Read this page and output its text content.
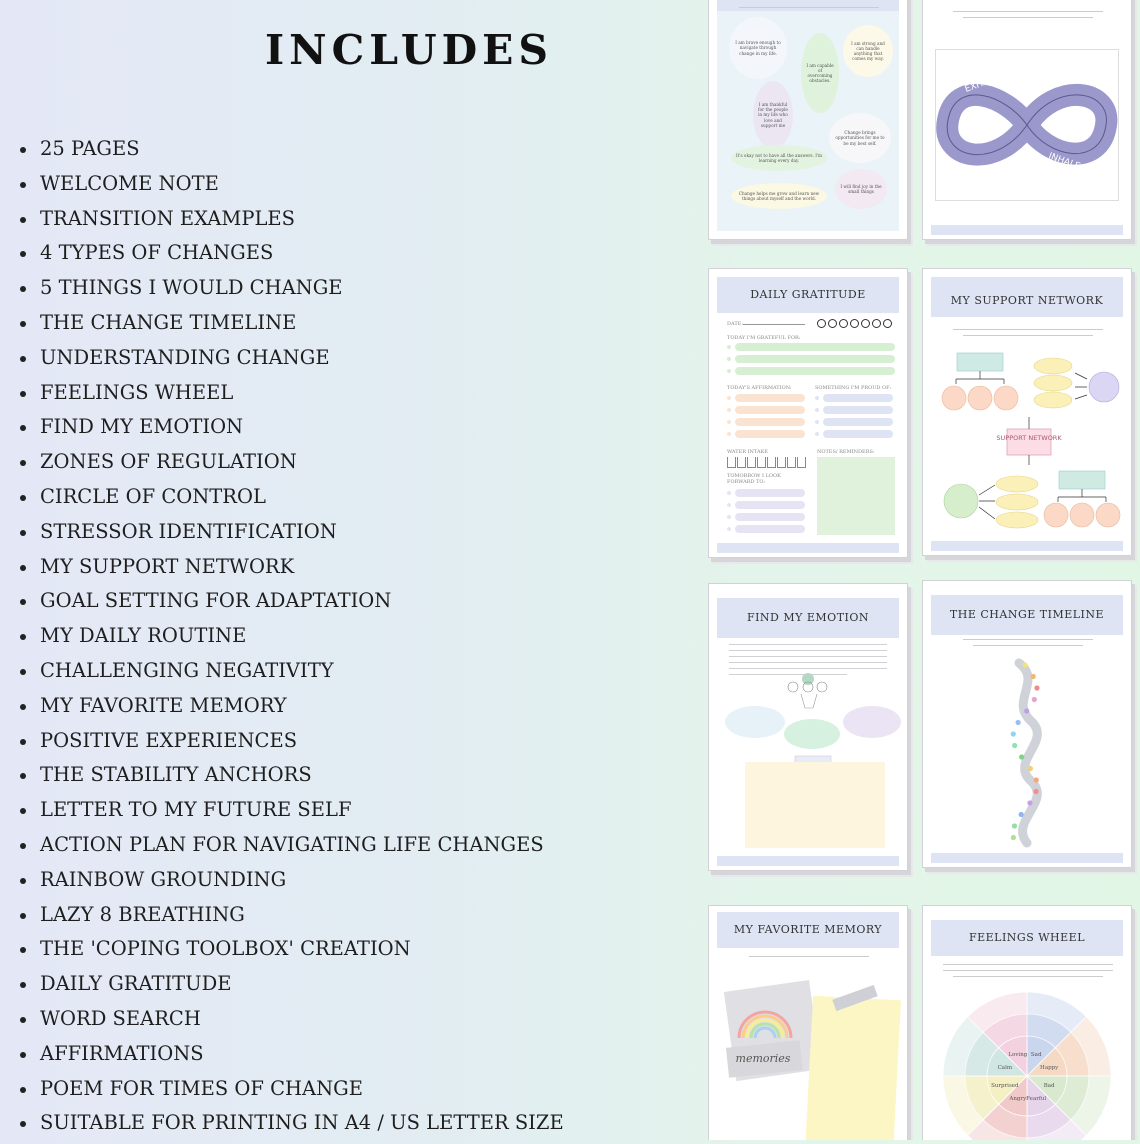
INCLUDES
25 PAGES
WELCOME NOTE
TRANSITION EXAMPLES
4 TYPES OF CHANGES
5 THINGS I WOULD CHANGE
THE CHANGE TIMELINE
UNDERSTANDING CHANGE
FEELINGS WHEEL
FIND MY EMOTION
ZONES OF REGULATION
CIRCLE OF CONTROL
STRESSOR IDENTIFICATION
MY SUPPORT NETWORK
GOAL SETTING FOR ADAPTATION
MY DAILY ROUTINE
CHALLENGING NEGATIVITY
MY FAVORITE MEMORY
POSITIVE EXPERIENCES
THE STABILITY ANCHORS
LETTER TO MY FUTURE SELF
ACTION PLAN FOR NAVIGATING LIFE CHANGES
RAINBOW GROUNDING
LAZY 8 BREATHING
THE 'COPING TOOLBOX' CREATION
DAILY GRATITUDE
WORD SEARCH
AFFIRMATIONS
POEM FOR TIMES OF CHANGE
SUITABLE FOR PRINTING IN A4 / US LETTER SIZE
I am brave enough to navigate through change in my life.
I am capable of overcoming obstacles.
I am strong and can handle anything that comes my way.
I am thankful for the people in my life who love and support me
Change brings opportunities for me to be my best self.
It's okay not to have all the answers. I'm learning every day.
I will find joy in the small things
Change helps me grow and learn new things about myself and the world.
EXHALE
INHALE
DAILY GRATITUDE
DATE:
TODAY I'M GRATEFUL FOR:
TODAY'S AFFIRMATION:	SOMETHING I'M PROUD OF:
WATER INTAKE	NOTES/ REMINDERS:
TOMORROW I LOOK FORWARD TO:
MY SUPPORT NETWORK
SUPPORT NETWORK
FIND MY EMOTION	THE CHANGE TIMELINE
MY FAVORITE MEMORY
memories
FEELINGS WHEEL
Sad
Happy
Bad
Fearful
Angry
Surprised
Calm
Loving
